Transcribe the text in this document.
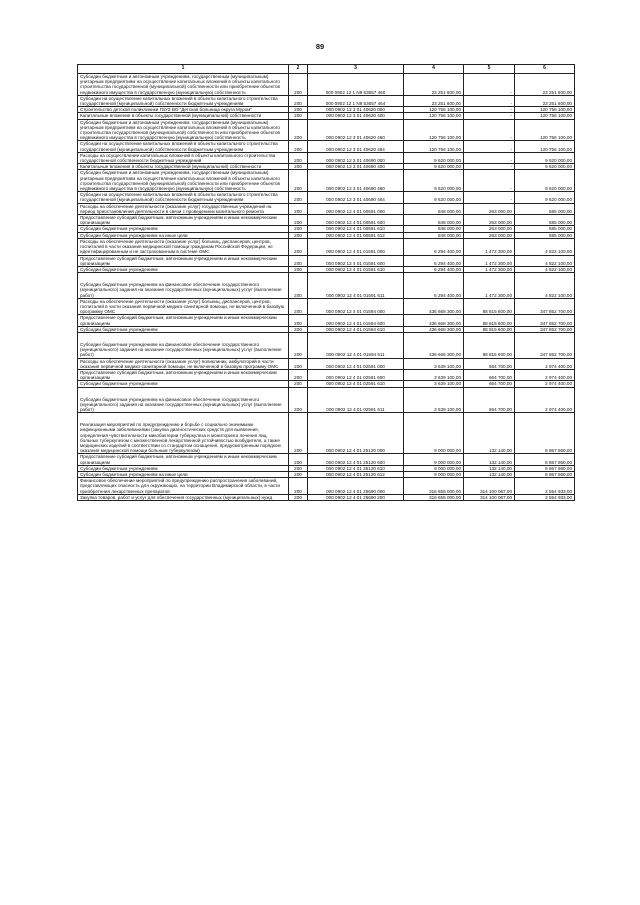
89
1	2	3	4	5	6
Субсидии бюджетным и автономным учреждениям, государственным (муниципальным) унитарным предприятиям на осуществление капитальных вложений в объекты капитального строительства государственной (муниципальной) собственности или приобретение объектов недвижимого имущества в государственную (муниципальную) собственность	200	000 0902 12 1 N9 53657 460	23 251 600,00	-	23 251 600,00
Субсидии на осуществление капитальных вложений в объекты капитального строительства государственной (муниципальной) собственности бюджетным учреждениям	200	000 0902 12 1 N9 53657 464	23 251 600,00	-	23 251 600,00
Строительство детской поликлиники ГБУЗ ВО "Детская больница округа Муром"	200	000 0902 12 3 01 40620 000	120 756 100,00	-	120 756 100,00
Капитальные вложения в объекты государственной (муниципальной) собственности	200	000 0902 12 3 01 40620 400	120 756 100,00	-	120 756 100,00
Субсидии бюджетным и автономным учреждениям, государственным (муниципальным) унитарным предприятиям на осуществление капитальных вложений в объекты капитального строительства государственной (муниципальной) собственности или приобретение объектов недвижимого имущества в государственную (муниципальную) собственность	200	000 0902 12 3 01 40620 460	120 756 100,00	-	120 756 100,00
Субсидии на осуществление капитальных вложений в объекты капитального строительства государственной (муниципальной) собственности бюджетным учреждениям	200	000 0902 12 3 01 40620 464	120 756 100,00	-	120 756 100,00
Расходы на осуществление капитальных вложений в объекты капитального строительства государственной собственности бюджетных учреждений	200	000 0902 12 3 01 40690 000	9 620 000,00	-	9 620 000,00
Капитальные вложения в объекты государственной (муниципальной) собственности	200	000 0902 12 3 01 40690 400	9 620 000,00	-	9 620 000,00
Субсидии бюджетным и автономным учреждениям, государственным (муниципальным) унитарным предприятиям на осуществление капитальных вложений в объекты капитального строительства государственной (муниципальной) собственности или приобретение объектов недвижимого имущества в государственную (муниципальную) собственность	200	000 0902 12 3 01 40690 460	9 620 000,00	-	9 620 000,00
Субсидии на осуществление капитальных вложений в объекты капитального строительства государственной (муниципальной) собственности бюджетным учреждениям	200	000 0902 12 3 01 40690 464	9 620 000,00	-	9 620 000,00
Расходы на обеспечение деятельности (оказание услуг) государственных учреждений на период приостановления деятельности в связи с проведением капитального ремонта	200	000 0902 12 4 01 00591 000	848 000,00	263 000,00	585 000,00
Предоставление субсидий бюджетным, автономным учреждениям и иным некоммерческим организациям	200	000 0902 12 4 01 00591 600	848 000,00	263 000,00	585 000,00
Субсидии бюджетным учреждениям	200	000 0902 12 4 01 00591 610	848 000,00	263 000,00	585 000,00
Субсидии бюджетным учреждениям на иные цели	200	000 0902 12 4 01 00591 612	848 000,00	263 000,00	585 000,00
Расходы на обеспечение деятельности (оказание услуг) больниц, диспансеров, центров, госпиталей в части оказания медицинской помощи гражданам Российской Федерации, не идентифицированным и не застрахованным в системе ОМС	200	000 0902 12 4 01 01591 000	6 294 400,00	1 472 300,00	4 822 100,00
Предоставление субсидий бюджетным, автономным учреждениям и иным некоммерческим организациям	200	000 0902 12 4 01 01591 600	6 294 400,00	1 472 300,00	4 822 100,00
Субсидии бюджетным учреждениям	200	000 0902 12 4 01 01591 610	6 294 400,00	1 472 300,00	4 822 100,00
Субсидии бюджетным учреждениям на финансовое обеспечение государственного (муниципального) задания на оказание государственных (муниципальных) услуг (выполнение работ)	200	000 0902 12 4 01 01591 611	6 294 400,00	1 472 300,00	4 822 100,00
Расходы на обеспечение деятельности (оказание услуг) больниц, диспансеров, центров, госпиталей в части оказания первичной медико-санитарной помощи, не включенной в базовую программу ОМС	200	000 0902 12 4 01 01594 000	436 668 300,00	88 815 600,00	347 852 700,00
Предоставление субсидий бюджетным, автономным учреждениям и иным некоммерческим организациям	200	000 0902 12 4 01 01594 600	436 668 300,00	88 815 600,00	347 852 700,00
Субсидии бюджетным учреждениям	200	000 0902 12 4 01 01594 610	436 668 300,00	88 815 600,00	347 852 700,00
Субсидии бюджетным учреждениям на финансовое обеспечение государственного (муниципального) задания на оказание государственных (муниципальных) услуг (выполнение работ)	200	000 0902 12 4 01 01594 611	436 668 300,00	88 815 600,00	347 852 700,00
Расходы на обеспечение деятельности (оказание услуг) поликлиник, амбулаторий в части оказания первичной медико-санитарной помощи, не включенной в базовую программу ОМС	200	000 0902 12 4 01 02591 000	3 639 100,00	664 700,00	2 974 400,00
Предоставление субсидий бюджетным, автономным учреждениям и иным некоммерческим организациям	200	000 0902 12 4 01 02591 600	3 639 100,00	664 700,00	2 974 400,00
Субсидии бюджетным учреждениям	200	000 0902 12 4 01 02591 610	3 639 100,00	664 700,00	2 974 400,00
Субсидии бюджетным учреждениям на финансовое обеспечение государственного (муниципального) задания на оказание государственных (муниципальных) услуг (выполнение работ)	200	000 0902 12 4 01 02591 611	3 639 100,00	664 700,00	2 974 400,00
Реализация мероприятий по предупреждению и борьбе с социально значимыми инфекционными заболеваниями (закупка диагностических средств для выявления, определения чувствительности микобактерии туберкулеза и мониторинга лечения лиц, больных туберкулезом с множественной лекарственной устойчивостью возбудителя, а также медицинских изделий в соответствии со стандартом оснащения, предусмотренным порядком оказания медицинской помощи больным туберкулезом)	200	000 0902 12 4 01 25120 000	9 000 000,00	132 140,00	8 867 860,00
Предоставление субсидий бюджетным, автономным учреждениям и иным некоммерческим организациям	200	000 0902 12 4 01 25120 600	9 000 000,00	132 140,00	8 867 860,00
Субсидии бюджетным учреждениям	200	000 0902 12 4 01 25120 610	9 000 000,00	132 140,00	8 867 860,00
Субсидии бюджетным учреждениям на иные цели	200	000 0902 12 4 01 25120 612	9 000 000,00	132 140,00	8 867 860,00
Финансовое обеспечение мероприятий по предупреждению распространения заболеваний, представляющих опасность для окружающих, на территории Владимирской области, в части приобретения лекарственных препаратов	200	000 0902 12 4 01 25690 000	316 655 000,00	314 100 067,00	2 554 933,00
Закупка товаров, работ и услуг для обеспечения государственных (муниципальных) нужд	200	000 0902 12 4 01 25690 200	316 655 000,00	314 100 067,00	2 554 933,00
